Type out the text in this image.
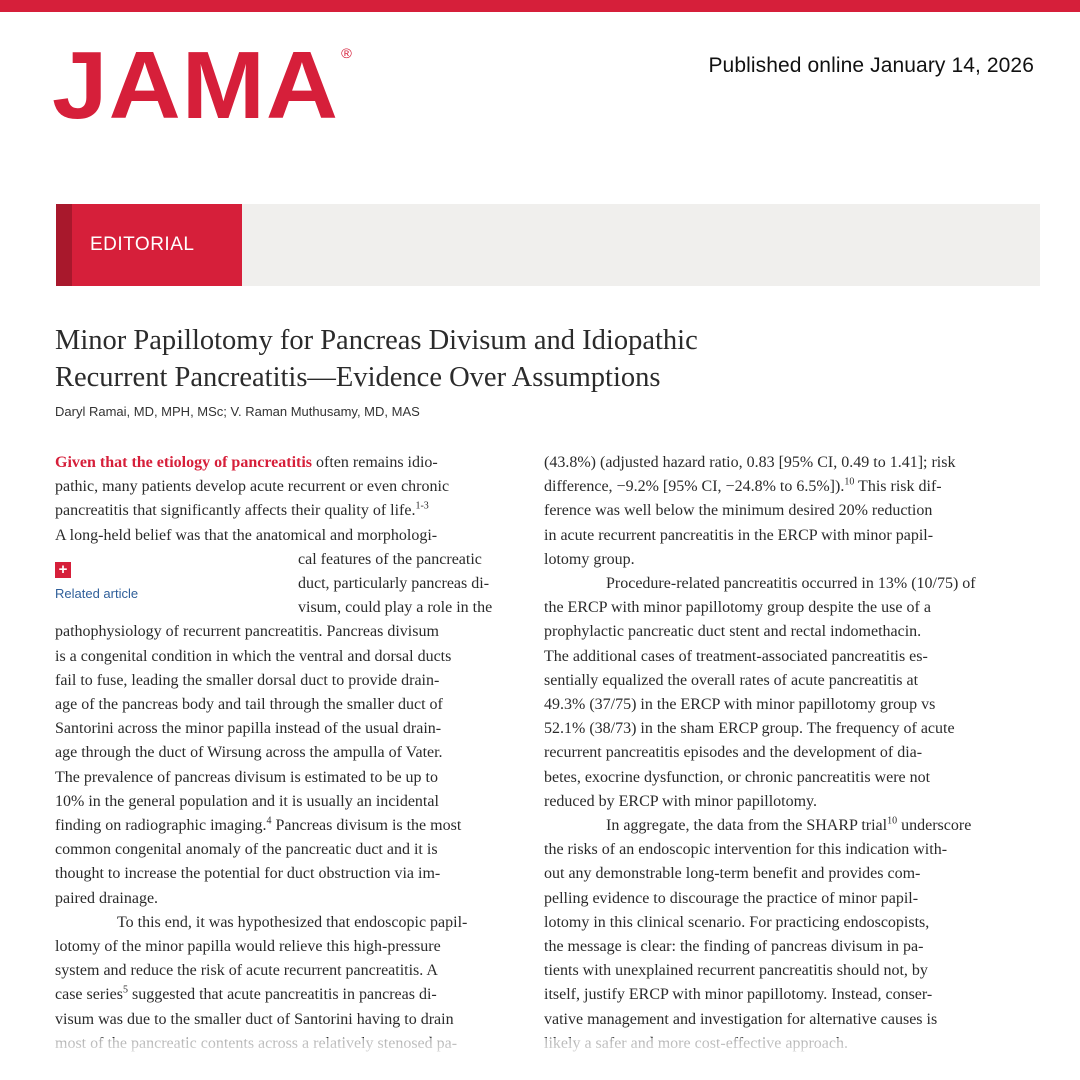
JAMA ®
Published online January 14, 2026
EDITORIAL
Minor Papillotomy for Pancreas Divisum and Idiopathic
Recurrent Pancreatitis—Evidence Over Assumptions
Daryl Ramai, MD, MPH, MSc; V. Raman Muthusamy, MD, MAS
+
Related article
Given that the etiology of pancreatitis often remains idio-
pathic, many patients develop acute recurrent or even chronic
pancreatitis that significantly affects their quality of life.$^{1-3}$
A long-held belief was that the anatomical and morphologi-
cal features of the pancreatic
duct, particularly pancreas di-
visum, could play a role in the
pathophysiology of recurrent pancreatitis. Pancreas divisum
is a congenital condition in which the ventral and dorsal ducts
fail to fuse, leading the smaller dorsal duct to provide drain-
age of the pancreas body and tail through the smaller duct of
Santorini across the minor papilla instead of the usual drain-
age through the duct of Wirsung across the ampulla of Vater.
The prevalence of pancreas divisum is estimated to be up to
10% in the general population and it is usually an incidental
finding on radiographic imaging.$^4$ Pancreas divisum is the most
common congenital anomaly of the pancreatic duct and it is
thought to increase the potential for duct obstruction via im-
paired drainage.
To this end, it was hypothesized that endoscopic papil-
lotomy of the minor papilla would relieve this high-pressure
system and reduce the risk of acute recurrent pancreatitis. A
case series$^5$ suggested that acute pancreatitis in pancreas di-
visum was due to the smaller duct of Santorini having to drain
(43.8%) (adjusted hazard ratio, 0.83 [95% CI, 0.49 to 1.41]; risk
difference, −9.2% [95% CI, −24.8% to 6.5%]).$^{10}$ This risk dif-
ference was well below the minimum desired 20% reduction
in acute recurrent pancreatitis in the ERCP with minor papil-
lotomy group.
Procedure-related pancreatitis occurred in 13% (10/75) of
the ERCP with minor papillotomy group despite the use of a
prophylactic pancreatic duct stent and rectal indomethacin.
The additional cases of treatment-associated pancreatitis es-
sentially equalized the overall rates of acute pancreatitis at
49.3% (37/75) in the ERCP with minor papillotomy group vs
52.1% (38/73) in the sham ERCP group. The frequency of acute
recurrent pancreatitis episodes and the development of dia-
betes, exocrine dysfunction, or chronic pancreatitis were not
reduced by ERCP with minor papillotomy.
In aggregate, the data from the SHARP trial$^{10}$ underscore
the risks of an endoscopic intervention for this indication with-
out any demonstrable long-term benefit and provides com-
pelling evidence to discourage the practice of minor papil-
lotomy in this clinical scenario. For practicing endoscopists,
the message is clear: the finding of pancreas divisum in pa-
tients with unexplained recurrent pancreatitis should not, by
itself, justify ERCP with minor papillotomy. Instead, conser-
vative management and investigation for alternative causes is
